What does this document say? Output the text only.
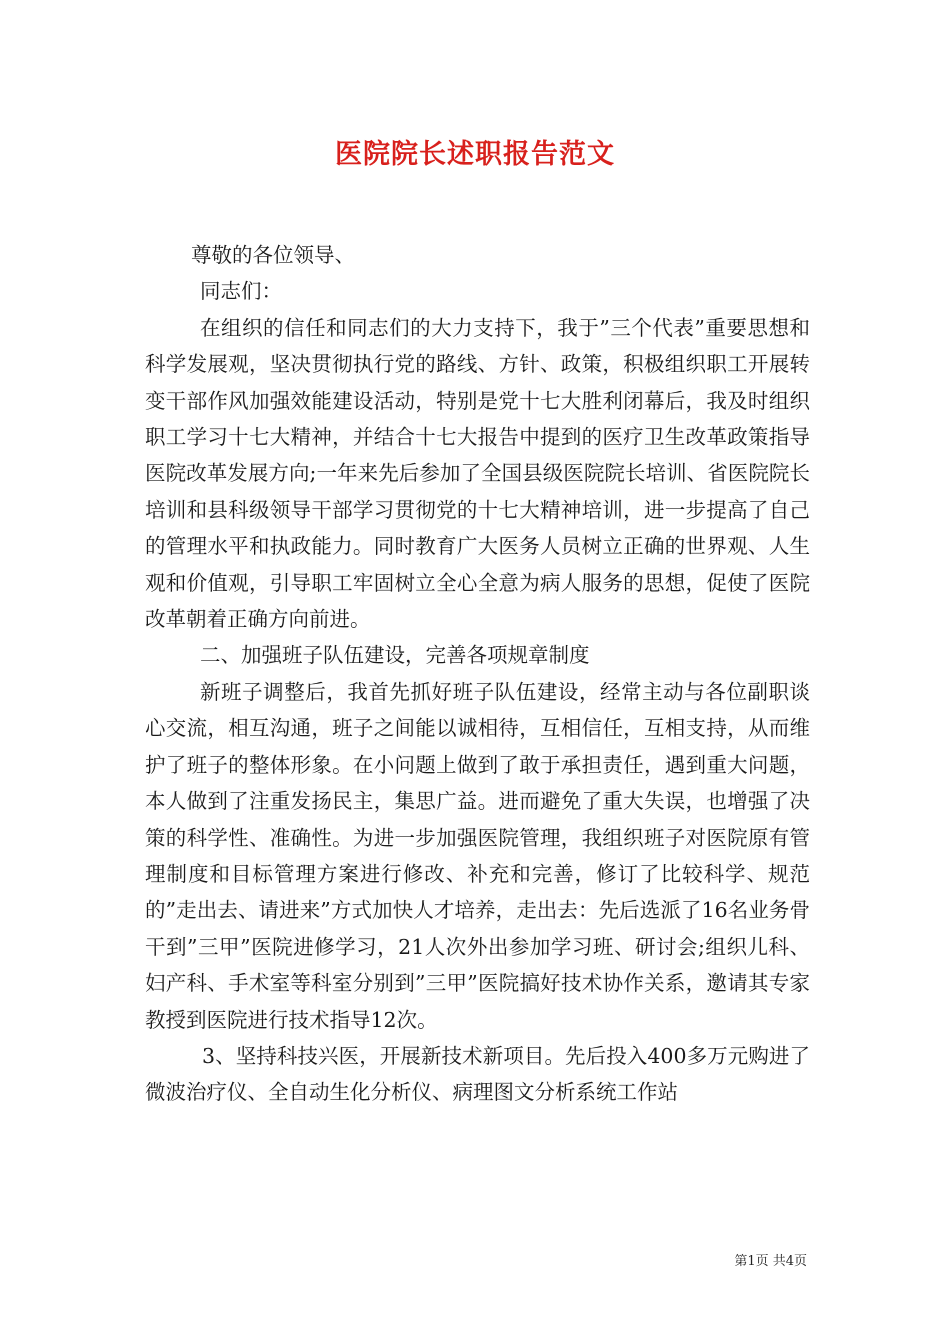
医院院长述职报告范文

尊敬的各位领导、

同志们：

在组织的信任和同志们的大力支持下，我于”三个代表”重要思想和科学发展观，坚决贯彻执行党的路线、方针、政策，积极组织职工开展转变干部作风加强效能建设活动，特别是党十七大胜利闭幕后，我及时组织职工学习十七大精神，并结合十七大报告中提到的医疗卫生改革政策指导医院改革发展方向;一年来先后参加了全国县级医院院长培训、省医院院长培训和县科级领导干部学习贯彻党的十七大精神培训，进一步提高了自己的管理水平和执政能力。同时教育广大医务人员树立正确的世界观、人生观和价值观，引导职工牢固树立全心全意为病人服务的思想，促使了医院改革朝着正确方向前进。

二、加强班子队伍建设，完善各项规章制度

新班子调整后，我首先抓好班子队伍建设，经常主动与各位副职谈心交流，相互沟通，班子之间能以诚相待，互相信任，互相支持，从而维护了班子的整体形象。在小问题上做到了敢于承担责任，遇到重大问题，本人做到了注重发扬民主，集思广益。进而避免了重大失误，也增强了决策的科学性、准确性。为进一步加强医院管理，我组织班子对医院原有管理制度和目标管理方案进行修改、补充和完善，修订了比较科学、规范的”走出去、请进来”方式加快人才培养，走出去：先后选派了16名业务骨干到”三甲”医院进修学习，21人次外出参加学习班、研讨会;组织儿科、妇产科、手术室等科室分别到”三甲”医院搞好技术协作关系，邀请其专家教授到医院进行技术指导12次。

3、坚持科技兴医，开展新技术新项目。先后投入400多万元购进了微波治疗仪、全自动生化分析仪、病理图文分析系统工作站

第1页 共4页
